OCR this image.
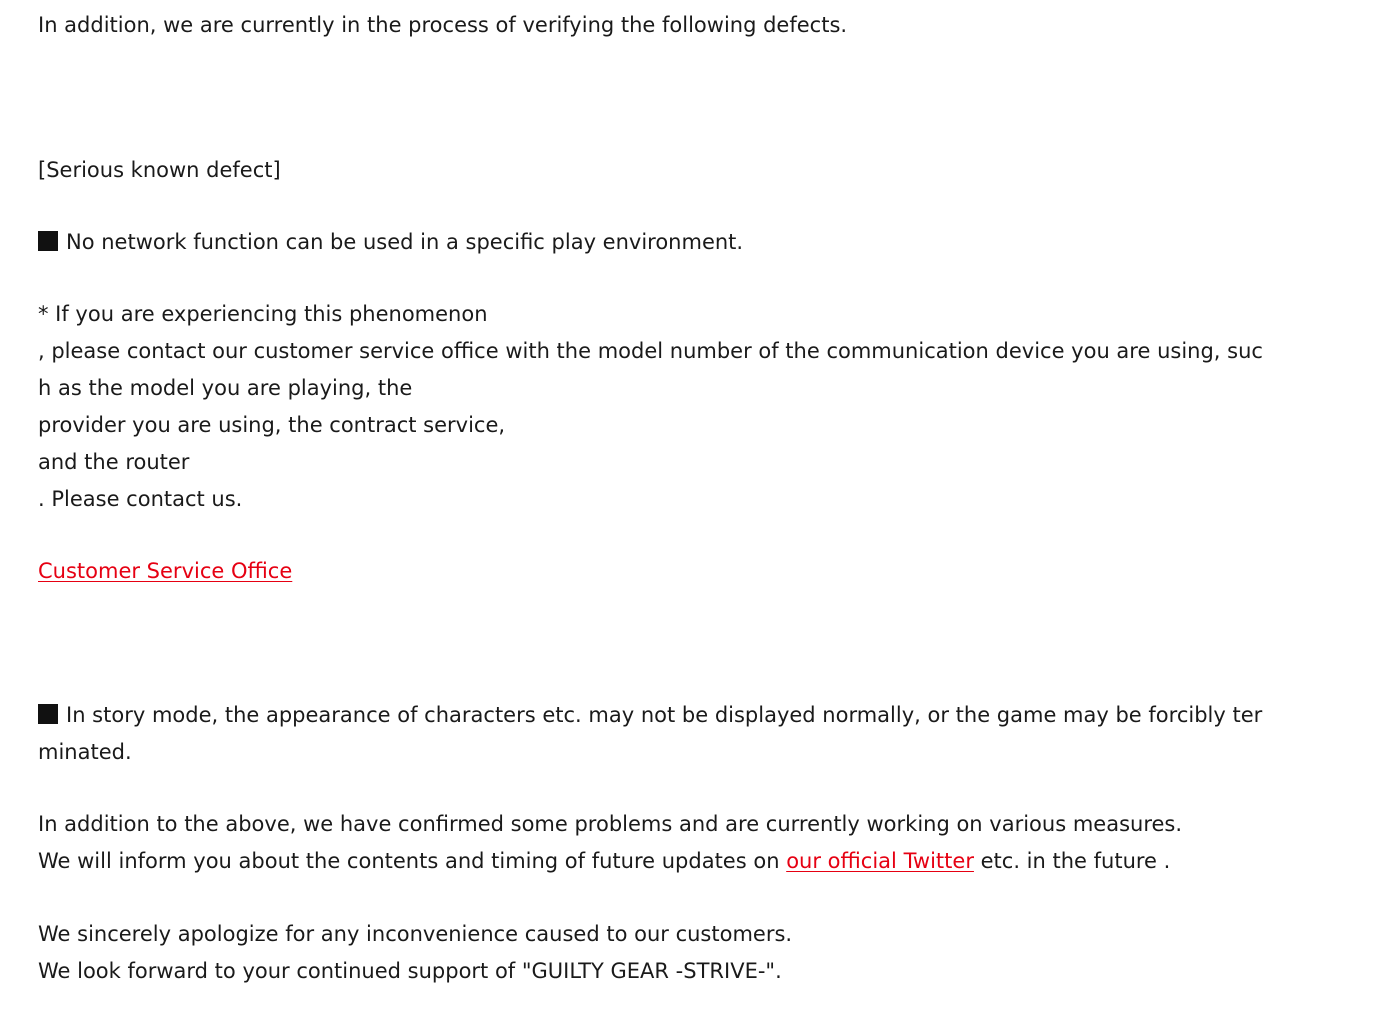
In addition, we are currently in the process of verifying the following defects.
[Serious known defect]
No network function can be used in a specific play environment.
* If you are experiencing this phenomenon
, please contact our customer service office with the model number of the communication device you are using, suc
h as the model you are playing, the
provider you are using, the contract service,
and the router
. Please contact us.
Customer Service Office
In story mode, the appearance of characters etc. may not be displayed normally, or the game may be forcibly ter
minated.
In addition to the above, we have confirmed some problems and are currently working on various measures.
We will inform you about the contents and timing of future updates on our official Twitter etc. in the future .
We sincerely apologize for any inconvenience caused to our customers.
We look forward to your continued support of "GUILTY GEAR -STRIVE-".
